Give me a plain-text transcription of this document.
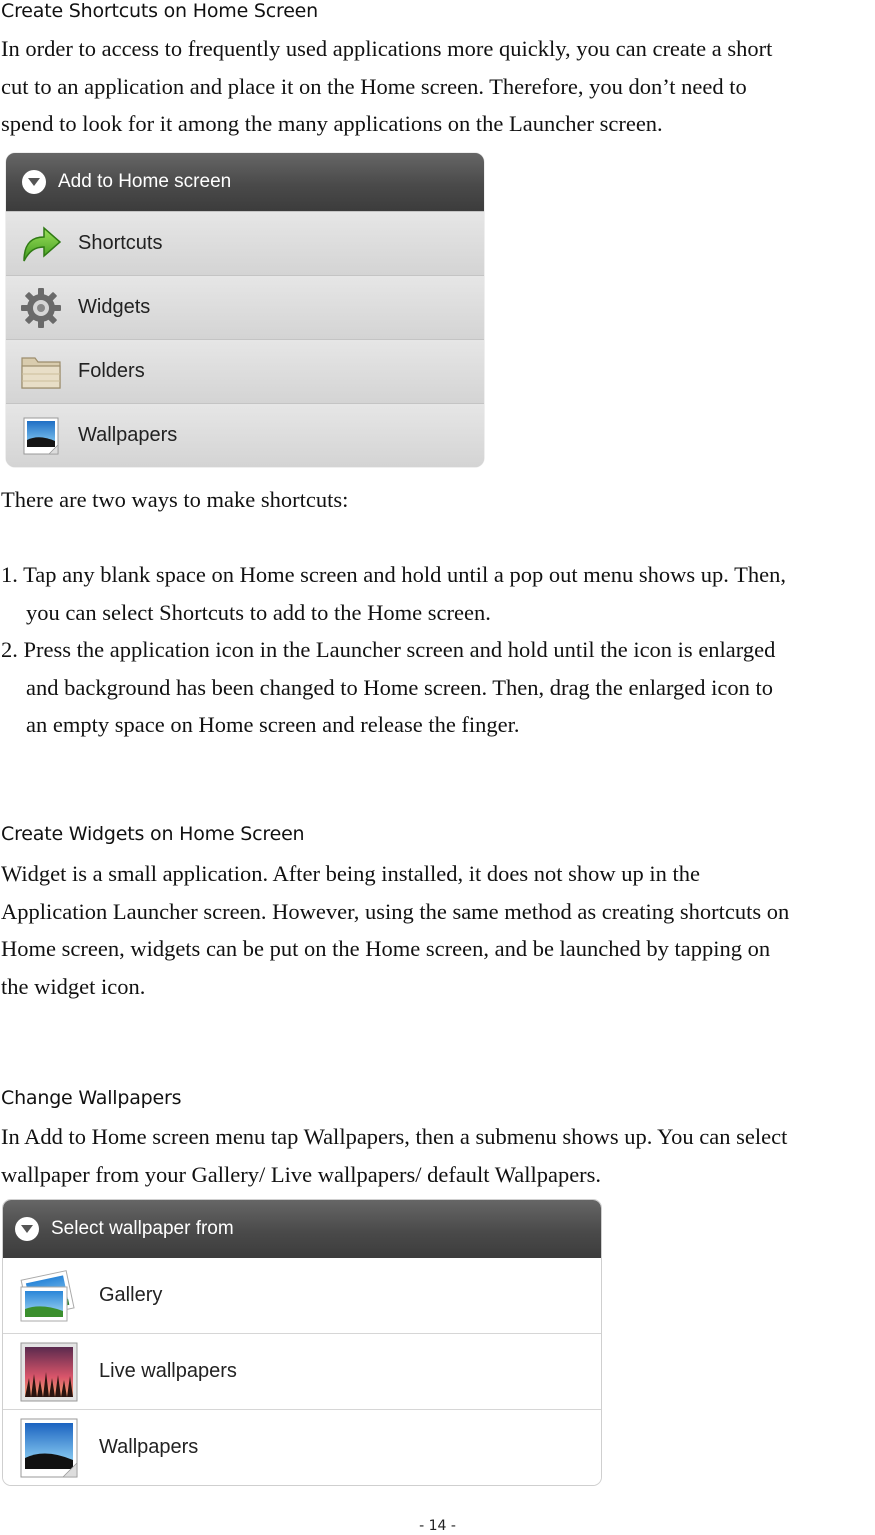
Create Shortcuts on Home Screen
In order to access to frequently used applications more quickly, you can create a short
cut to an application and place it on the Home screen. Therefore, you don’t need to
spend to look for it among the many applications on the Launcher screen.
Add to Home screen
Shortcuts
Widgets
Folders
Wallpapers
There are two ways to make shortcuts:
1. Tap any blank space on Home screen and hold until a pop out menu shows up. Then,
you can select Shortcuts to add to the Home screen.
2. Press the application icon in the Launcher screen and hold until the icon is enlarged
and background has been changed to Home screen. Then, drag the enlarged icon to
an empty space on Home screen and release the finger.
Create Widgets on Home Screen
Widget is a small application. After being installed, it does not show up in the
Application Launcher screen. However, using the same method as creating shortcuts on
Home screen, widgets can be put on the Home screen, and be launched by tapping on
the widget icon.
Change Wallpapers
In Add to Home screen menu tap Wallpapers, then a submenu shows up. You can select
wallpaper from your Gallery/ Live wallpapers/ default Wallpapers.
Select wallpaper from
Gallery
Live wallpapers
Wallpapers
- 14 -
